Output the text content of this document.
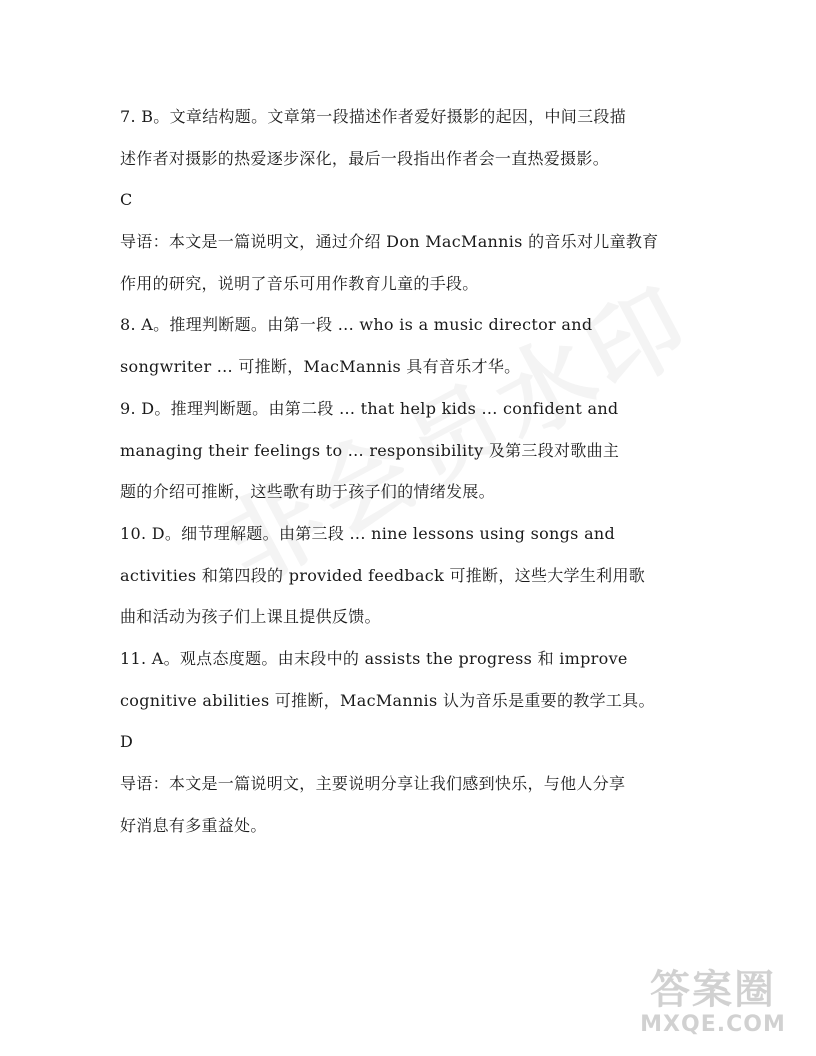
7. B。文章结构题。文章第一段描述作者爱好摄影的起因，中间三段描
述作者对摄影的热爱逐步深化，最后一段指出作者会一直热爱摄影。
C
导语：本文是一篇说明文，通过介绍 Don MacMannis 的音乐对儿童教育
作用的研究，说明了音乐可用作教育儿童的手段。
8. A。推理判断题。由第一段 ... who is a music director and
songwriter ... 可推断，MacMannis 具有音乐才华。
9. D。推理判断题。由第二段 ... that help kids ... confident and
managing their feelings to ... responsibility 及第三段对歌曲主
题的介绍可推断，这些歌有助于孩子们的情绪发展。
10. D。细节理解题。由第三段 ... nine lessons using songs and
activities 和第四段的 provided feedback 可推断，这些大学生利用歌
曲和活动为孩子们上课且提供反馈。
11. A。观点态度题。由末段中的 assists the progress 和 improve
cognitive abilities 可推断，MacMannis 认为音乐是重要的教学工具。
D
导语：本文是一篇说明文，主要说明分享让我们感到快乐，与他人分享
好消息有多重益处。
答案圈
MXQE.COM
